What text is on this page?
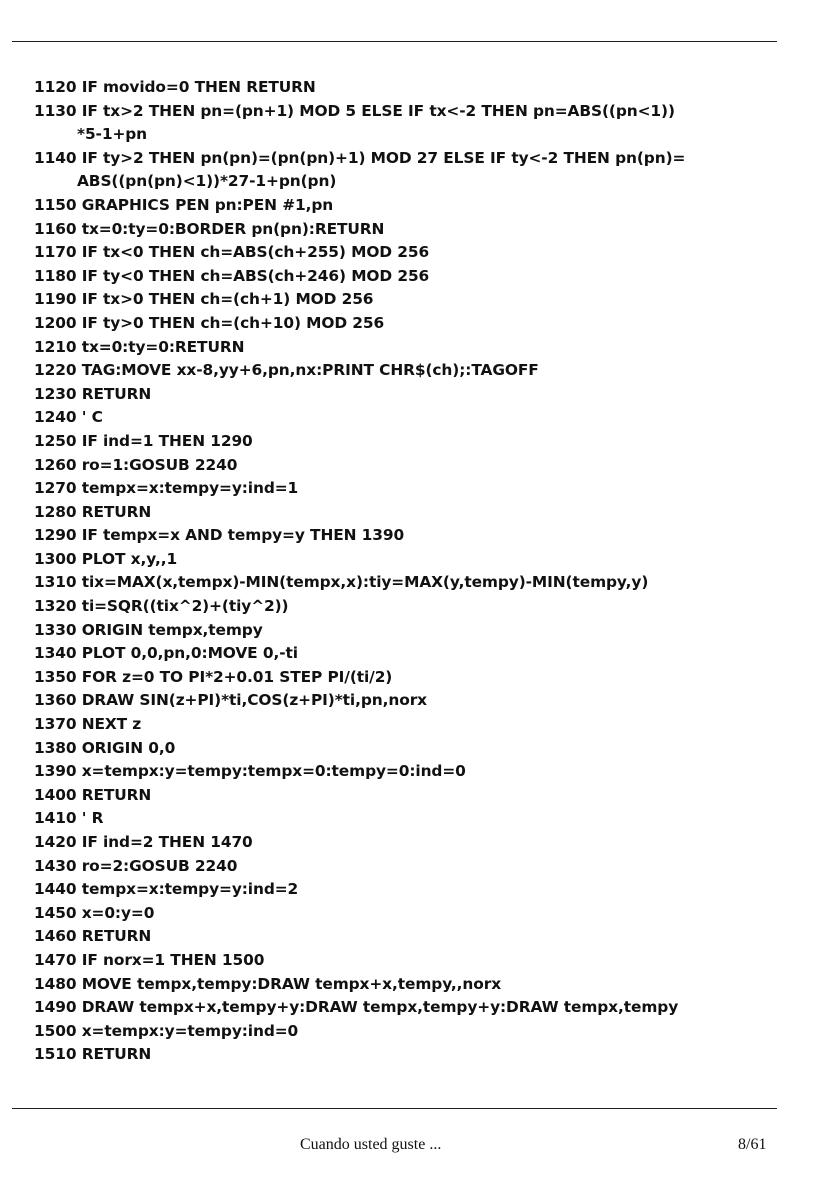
1120 IF movido=0 THEN RETURN
1130 IF tx>2 THEN pn=(pn+1) MOD 5 ELSE IF tx<-2 THEN pn=ABS((pn<1))
*5-1+pn
1140 IF ty>2 THEN pn(pn)=(pn(pn)+1) MOD 27 ELSE IF ty<-2 THEN pn(pn)=
ABS((pn(pn)<1))*27-1+pn(pn)
1150 GRAPHICS PEN pn:PEN #1,pn
1160 tx=0:ty=0:BORDER pn(pn):RETURN
1170 IF tx<0 THEN ch=ABS(ch+255) MOD 256
1180 IF ty<0 THEN ch=ABS(ch+246) MOD 256
1190 IF tx>0 THEN ch=(ch+1) MOD 256
1200 IF ty>0 THEN ch=(ch+10) MOD 256
1210 tx=0:ty=0:RETURN
1220 TAG:MOVE xx-8,yy+6,pn,nx:PRINT CHR$(ch);:TAGOFF
1230 RETURN
1240 ' C
1250 IF ind=1 THEN 1290
1260 ro=1:GOSUB 2240
1270 tempx=x:tempy=y:ind=1
1280 RETURN
1290 IF tempx=x AND tempy=y THEN 1390
1300 PLOT x,y,,1
1310 tix=MAX(x,tempx)-MIN(tempx,x):tiy=MAX(y,tempy)-MIN(tempy,y)
1320 ti=SQR((tix^2)+(tiy^2))
1330 ORIGIN tempx,tempy
1340 PLOT 0,0,pn,0:MOVE 0,-ti
1350 FOR z=0 TO PI*2+0.01 STEP PI/(ti/2)
1360 DRAW SIN(z+PI)*ti,COS(z+PI)*ti,pn,norx
1370 NEXT z
1380 ORIGIN 0,0
1390 x=tempx:y=tempy:tempx=0:tempy=0:ind=0
1400 RETURN
1410 ' R
1420 IF ind=2 THEN 1470
1430 ro=2:GOSUB 2240
1440 tempx=x:tempy=y:ind=2
1450 x=0:y=0
1460 RETURN
1470 IF norx=1 THEN 1500
1480 MOVE tempx,tempy:DRAW tempx+x,tempy,,norx
1490 DRAW tempx+x,tempy+y:DRAW tempx,tempy+y:DRAW tempx,tempy
1500 x=tempx:y=tempy:ind=0
1510 RETURN
Cuando usted guste ...	8/61
